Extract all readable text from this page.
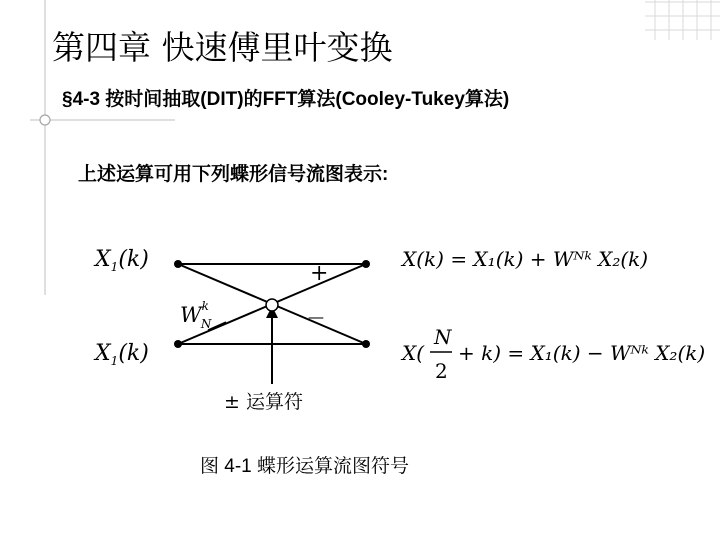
第四章 快速傅里叶变换
§4-3 按时间抽取(DIT)的FFT算法(Cooley-Tukey算法)
上述运算可用下列蝶形信号流图表示:
$X_1(k)$
$X_1(k)$
+
—
$W^k$ N
± 运算符
X(k) = X₁(k) + Wᴺᵏ X₂(k)
X(
N
2
+ k) = X₁(k) − Wᴺᵏ X₂(k)
图 4-1 蝶形运算流图符号
